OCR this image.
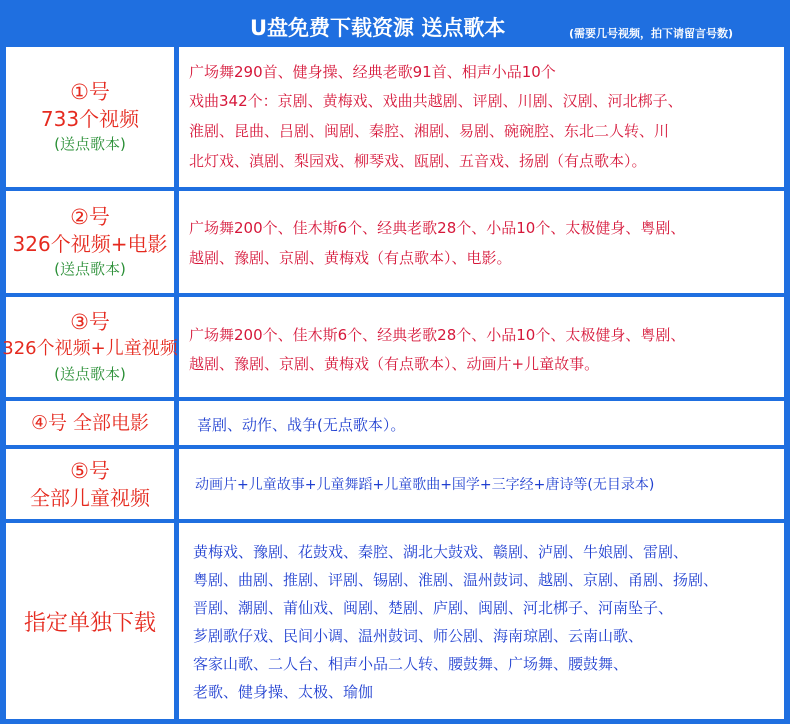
U盘免费下载资源 送点歌本	(需要几号视频，拍下请留言号数)
①号
733个视频
(送点歌本)
广场舞290首、健身操、经典老歌91首、相声小品10个
戏曲342个：京剧、黄梅戏、戏曲共越剧、评剧、川剧、汉剧、河北梆子、
淮剧、昆曲、吕剧、闽剧、秦腔、湘剧、易剧、碗碗腔、东北二人转、川
北灯戏、滇剧、梨园戏、柳琴戏、瓯剧、五音戏、扬剧（有点歌本）。
②号
326个视频+电影
(送点歌本)
广场舞200个、佳木斯6个、经典老歌28个、小品10个、太极健身、粤剧、
越剧、豫剧、京剧、黄梅戏（有点歌本）、电影。
③号
326个视频+儿童视频
(送点歌本)
广场舞200个、佳木斯6个、经典老歌28个、小品10个、太极健身、粤剧、
越剧、豫剧、京剧、黄梅戏（有点歌本）、动画片+儿童故事。
④号 全部电影	喜剧、动作、战争(无点歌本）。
⑤号
全部儿童视频
动画片+儿童故事+儿童舞蹈+儿童歌曲+国学+三字经+唐诗等(无目录本)
指定单独下载
黄梅戏、豫剧、花鼓戏、秦腔、湖北大鼓戏、赣剧、泸剧、牛娘剧、雷剧、
粤剧、曲剧、推剧、评剧、锡剧、淮剧、温州鼓词、越剧、京剧、甬剧、扬剧、
晋剧、潮剧、莆仙戏、闽剧、楚剧、庐剧、闽剧、河北梆子、河南坠子、
芗剧歌仔戏、民间小调、温州鼓词、师公剧、海南琼剧、云南山歌、
客家山歌、二人台、相声小品二人转、腰鼓舞、广场舞、腰鼓舞、
老歌、健身操、太极、瑜伽
